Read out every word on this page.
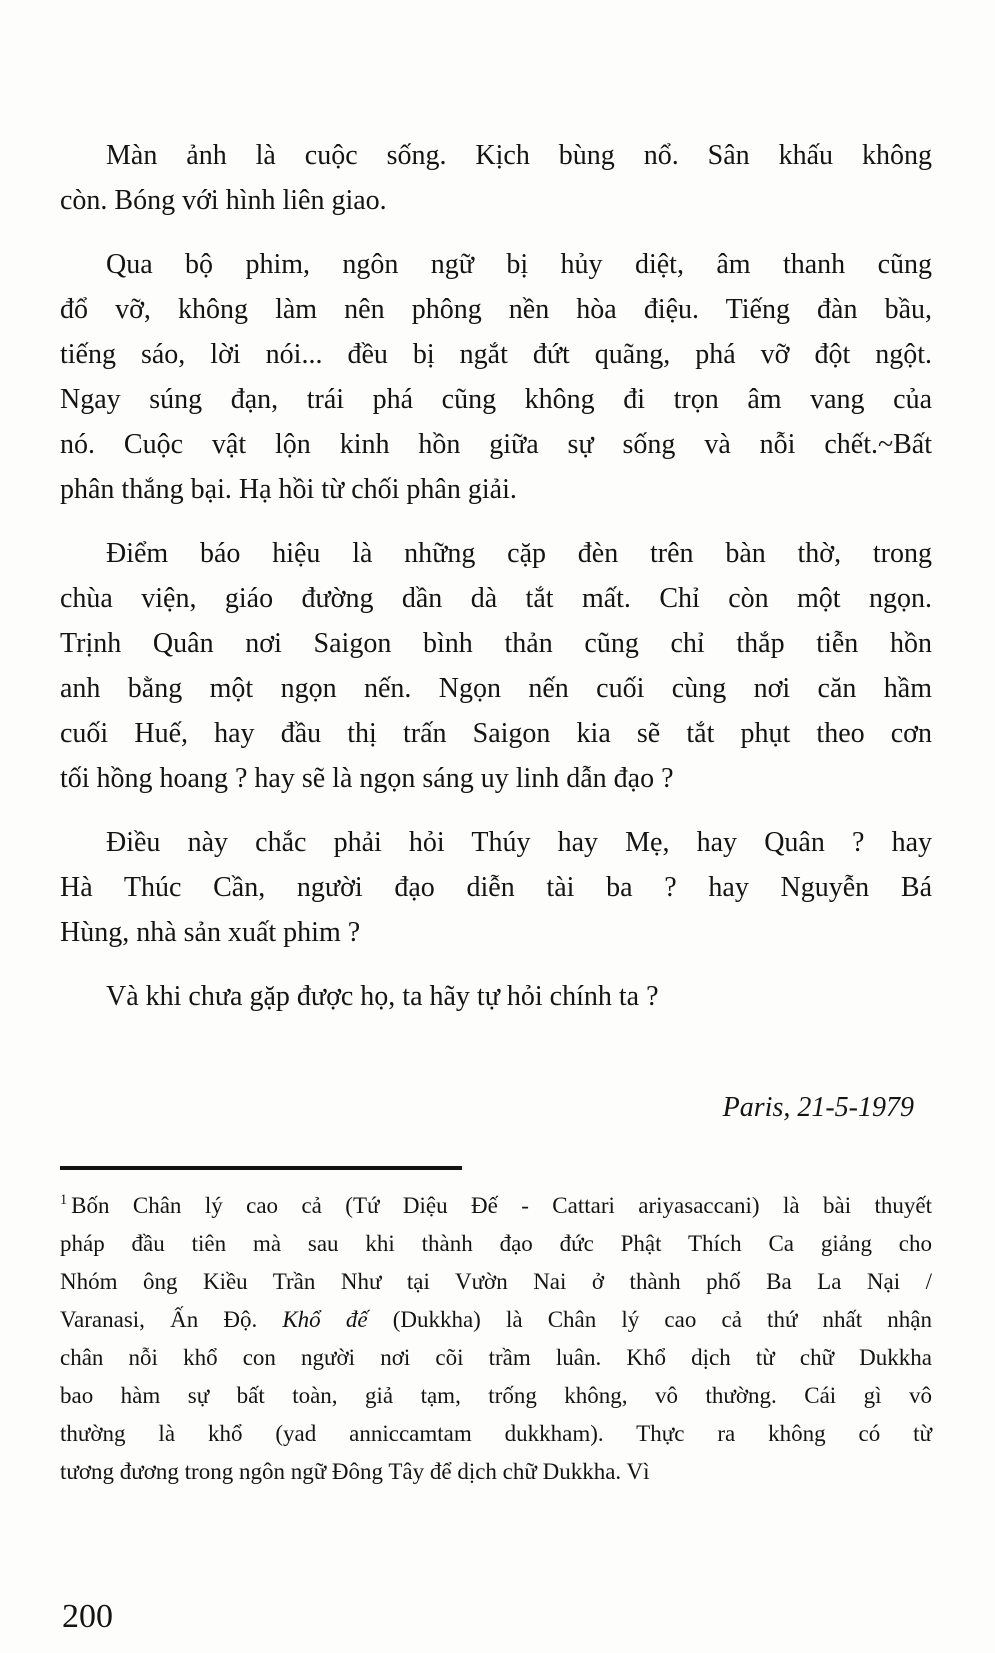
Màn ảnh là cuộc sống. Kịch bùng nổ. Sân khấu không
còn. Bóng với hình liên giao.

Qua bộ phim, ngôn ngữ bị hủy diệt, âm thanh cũng
đổ vỡ, không làm nên phông nền hòa điệu. Tiếng đàn bầu,
tiếng sáo, lời nói... đều bị ngắt đứt quãng, phá vỡ đột ngột.
Ngay súng đạn, trái phá cũng không đi trọn âm vang của
nó. Cuộc vật lộn kinh hồn giữa sự sống và nỗi chết.~Bất
phân thắng bại. Hạ hồi từ chối phân giải.

Điểm báo hiệu là những cặp đèn trên bàn thờ, trong
chùa viện, giáo đường dần dà tắt mất. Chỉ còn một ngọn.
Trịnh Quân nơi Saigon bình thản cũng chỉ thắp tiễn hồn
anh bằng một ngọn nến. Ngọn nến cuối cùng nơi căn hầm
cuối Huế, hay đầu thị trấn Saigon kia sẽ tắt phụt theo cơn
tối hồng hoang ? hay sẽ là ngọn sáng uy linh dẫn đạo ?

Điều này chắc phải hỏi Thúy hay Mẹ, hay Quân ? hay
Hà Thúc Cần, người đạo diễn tài ba ? hay Nguyễn Bá
Hùng, nhà sản xuất phim ?

Và khi chưa gặp được họ, ta hãy tự hỏi chính ta ?

Paris, 21-5-1979
$^1$ Bốn Chân lý cao cả (Tứ Diệu Đế - Cattari ariyasaccani) là bài thuyết
pháp đầu tiên mà sau khi thành đạo đức Phật Thích Ca giảng cho
Nhóm ông Kiều Trần Như tại Vườn Nai ở thành phố Ba La Nại /
Varanasi, Ấn Độ. Khổ đế (Dukkha) là Chân lý cao cả thứ nhất nhận
chân nỗi khổ con người nơi cõi trầm luân. Khổ dịch từ chữ Dukkha
bao hàm sự bất toàn, giả tạm, trống không, vô thường. Cái gì vô
thường là khổ (yad anniccamtam dukkham). Thực ra không có từ
tương đương trong ngôn ngữ Đông Tây để dịch chữ Dukkha. Vì
200
